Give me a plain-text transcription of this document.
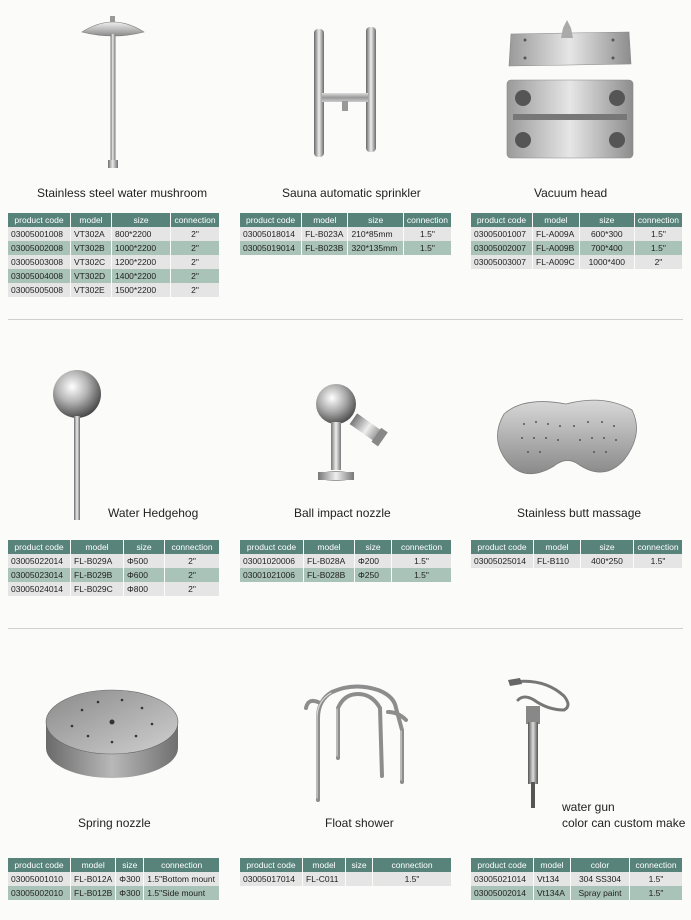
Stainless steel water mushroom
product code	model	size	connection
03005001008	VT302A	800*2200	2"
03005002008	VT302B	1000*2200	2"
03005003008	VT302C	1200*2200	2"
03005004008	VT302D	1400*2200	2"
03005005008	VT302E	1500*2200	2"
Sauna automatic sprinkler
product code	model	size	connection
03005018014	FL-B023A	210*85mm	1.5"
03005019014	FL-B023B	320*135mm	1.5"
Vacuum head
product code	model	size	connection
03005001007	FL-A009A	600*300	1.5"
03005002007	FL-A009B	700*400	1.5"
03005003007	FL-A009C	1000*400	2"
Water Hedgehog
product code	model	size	connection
03005022014	FL-B029A	Φ500	2"
03005023014	FL-B029B	Φ600	2"
03005024014	FL-B029C	Φ800	2"
Ball impact nozzle
product code	model	size	connection
03001020006	FL-B028A	Φ200	1.5"
03001021006	FL-B028B	Φ250	1.5"
Stainless butt massage
product code	model	size	connection
03005025014	FL-B110	400*250	1.5"
Spring nozzle
product code	model	size	connection
03005001010	FL-B012A	Φ300	1.5"Bottom mount
03005002010	FL-B012B	Φ300	1.5"Side mount
Float shower
product code	model	size	connection
03005017014	FL-C011		1.5"
water gun
color can custom make
product code	model	color	connection
03005021014	Vt134	304 SS304	1.5"
03005002014	Vt134A	Spray paint	1.5"
